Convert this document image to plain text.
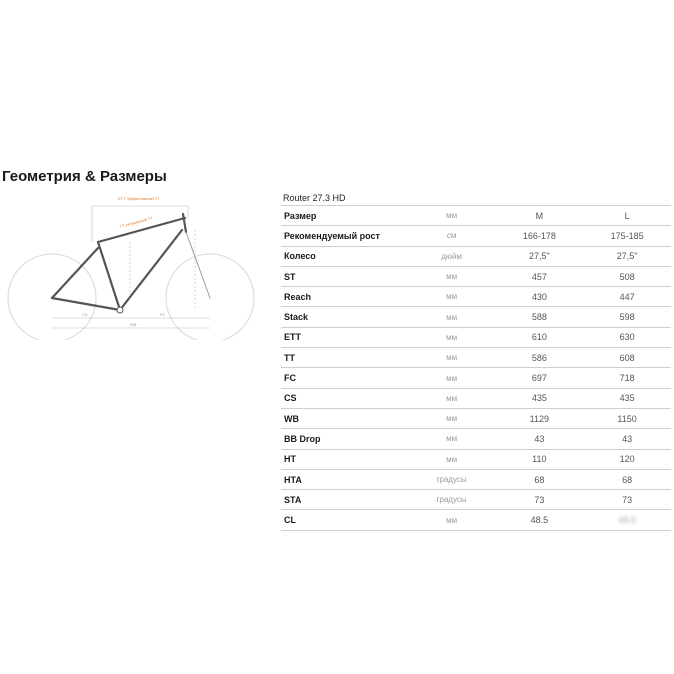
Геометрия & Размеры
ETT Эффективный TT
TT Актуальный TT
CS	FC
WB
Router 27.3 HD
Размер	мм	M	L
Рекомендуемый рост	см	166-178	175-185
Колесо	дюйм	27,5"	27,5"
ST	мм	457	508
Reach	мм	430	447
Stack	мм	588	598
ETT	мм	610	630
TT	мм	586	608
FC	мм	697	718
CS	мм	435	435
WB	мм	1129	1150
BB Drop	мм	43	43
HT	мм	110	120
HTA	градусы	68	68
STA	градусы	73	73
CL	мм	48.5	48.5
